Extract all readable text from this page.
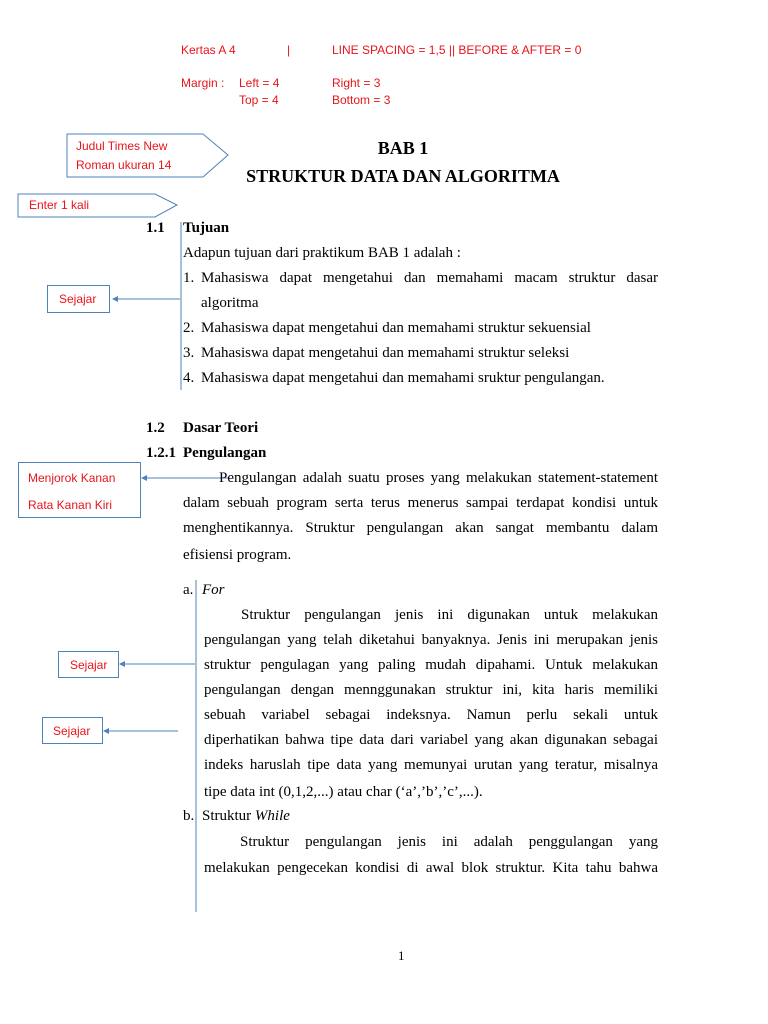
Kertas A 4	|	LINE SPACING = 1,5 || BEFORE & AFTER = 0
Margin : Left = 4	Right = 3
Top = 4	Bottom = 3
Judul Times New
Roman ukuran 14
Enter 1 kali
Sejajar
Menjorok Kanan
Rata Kanan Kiri
Sejajar
Sejajar
BAB 1
STRUKTUR DATA DAN ALGORITMA
1.1 Tujuan
Adapun tujuan dari praktikum BAB 1 adalah :
1. Mahasiswa dapat mengetahui dan memahami macam struktur dasar
algoritma
2. Mahasiswa dapat mengetahui dan memahami struktur sekuensial
3. Mahasiswa dapat mengetahui dan memahami struktur seleksi
4. Mahasiswa dapat mengetahui dan memahami sruktur pengulangan.
1.2 Dasar Teori
1.2.1 Pengulangan
Pengulangan adalah suatu proses yang melakukan statement-statement
dalam sebuah program serta terus menerus sampai terdapat kondisi untuk
menghentikannya. Struktur pengulangan akan sangat membantu dalam
efisiensi program.
a. For
Struktur pengulangan jenis ini digunakan untuk melakukan
pengulangan yang telah diketahui banyaknya. Jenis ini merupakan jenis
struktur pengulagan yang paling mudah dipahami. Untuk melakukan
pengulangan dengan mennggunakan struktur ini, kita haris memiliki
sebuah variabel sebagai indeksnya. Namun perlu sekali untuk
diperhatikan bahwa tipe data dari variabel yang akan digunakan sebagai
indeks haruslah tipe data yang memunyai urutan yang teratur, misalnya
tipe data int (0,1,2,...) atau char (‘a’,’b’,’c’,...).
b. Struktur While
Struktur pengulangan jenis ini adalah penggulangan yang
melakukan pengecekan kondisi di awal blok struktur. Kita tahu bahwa
1
